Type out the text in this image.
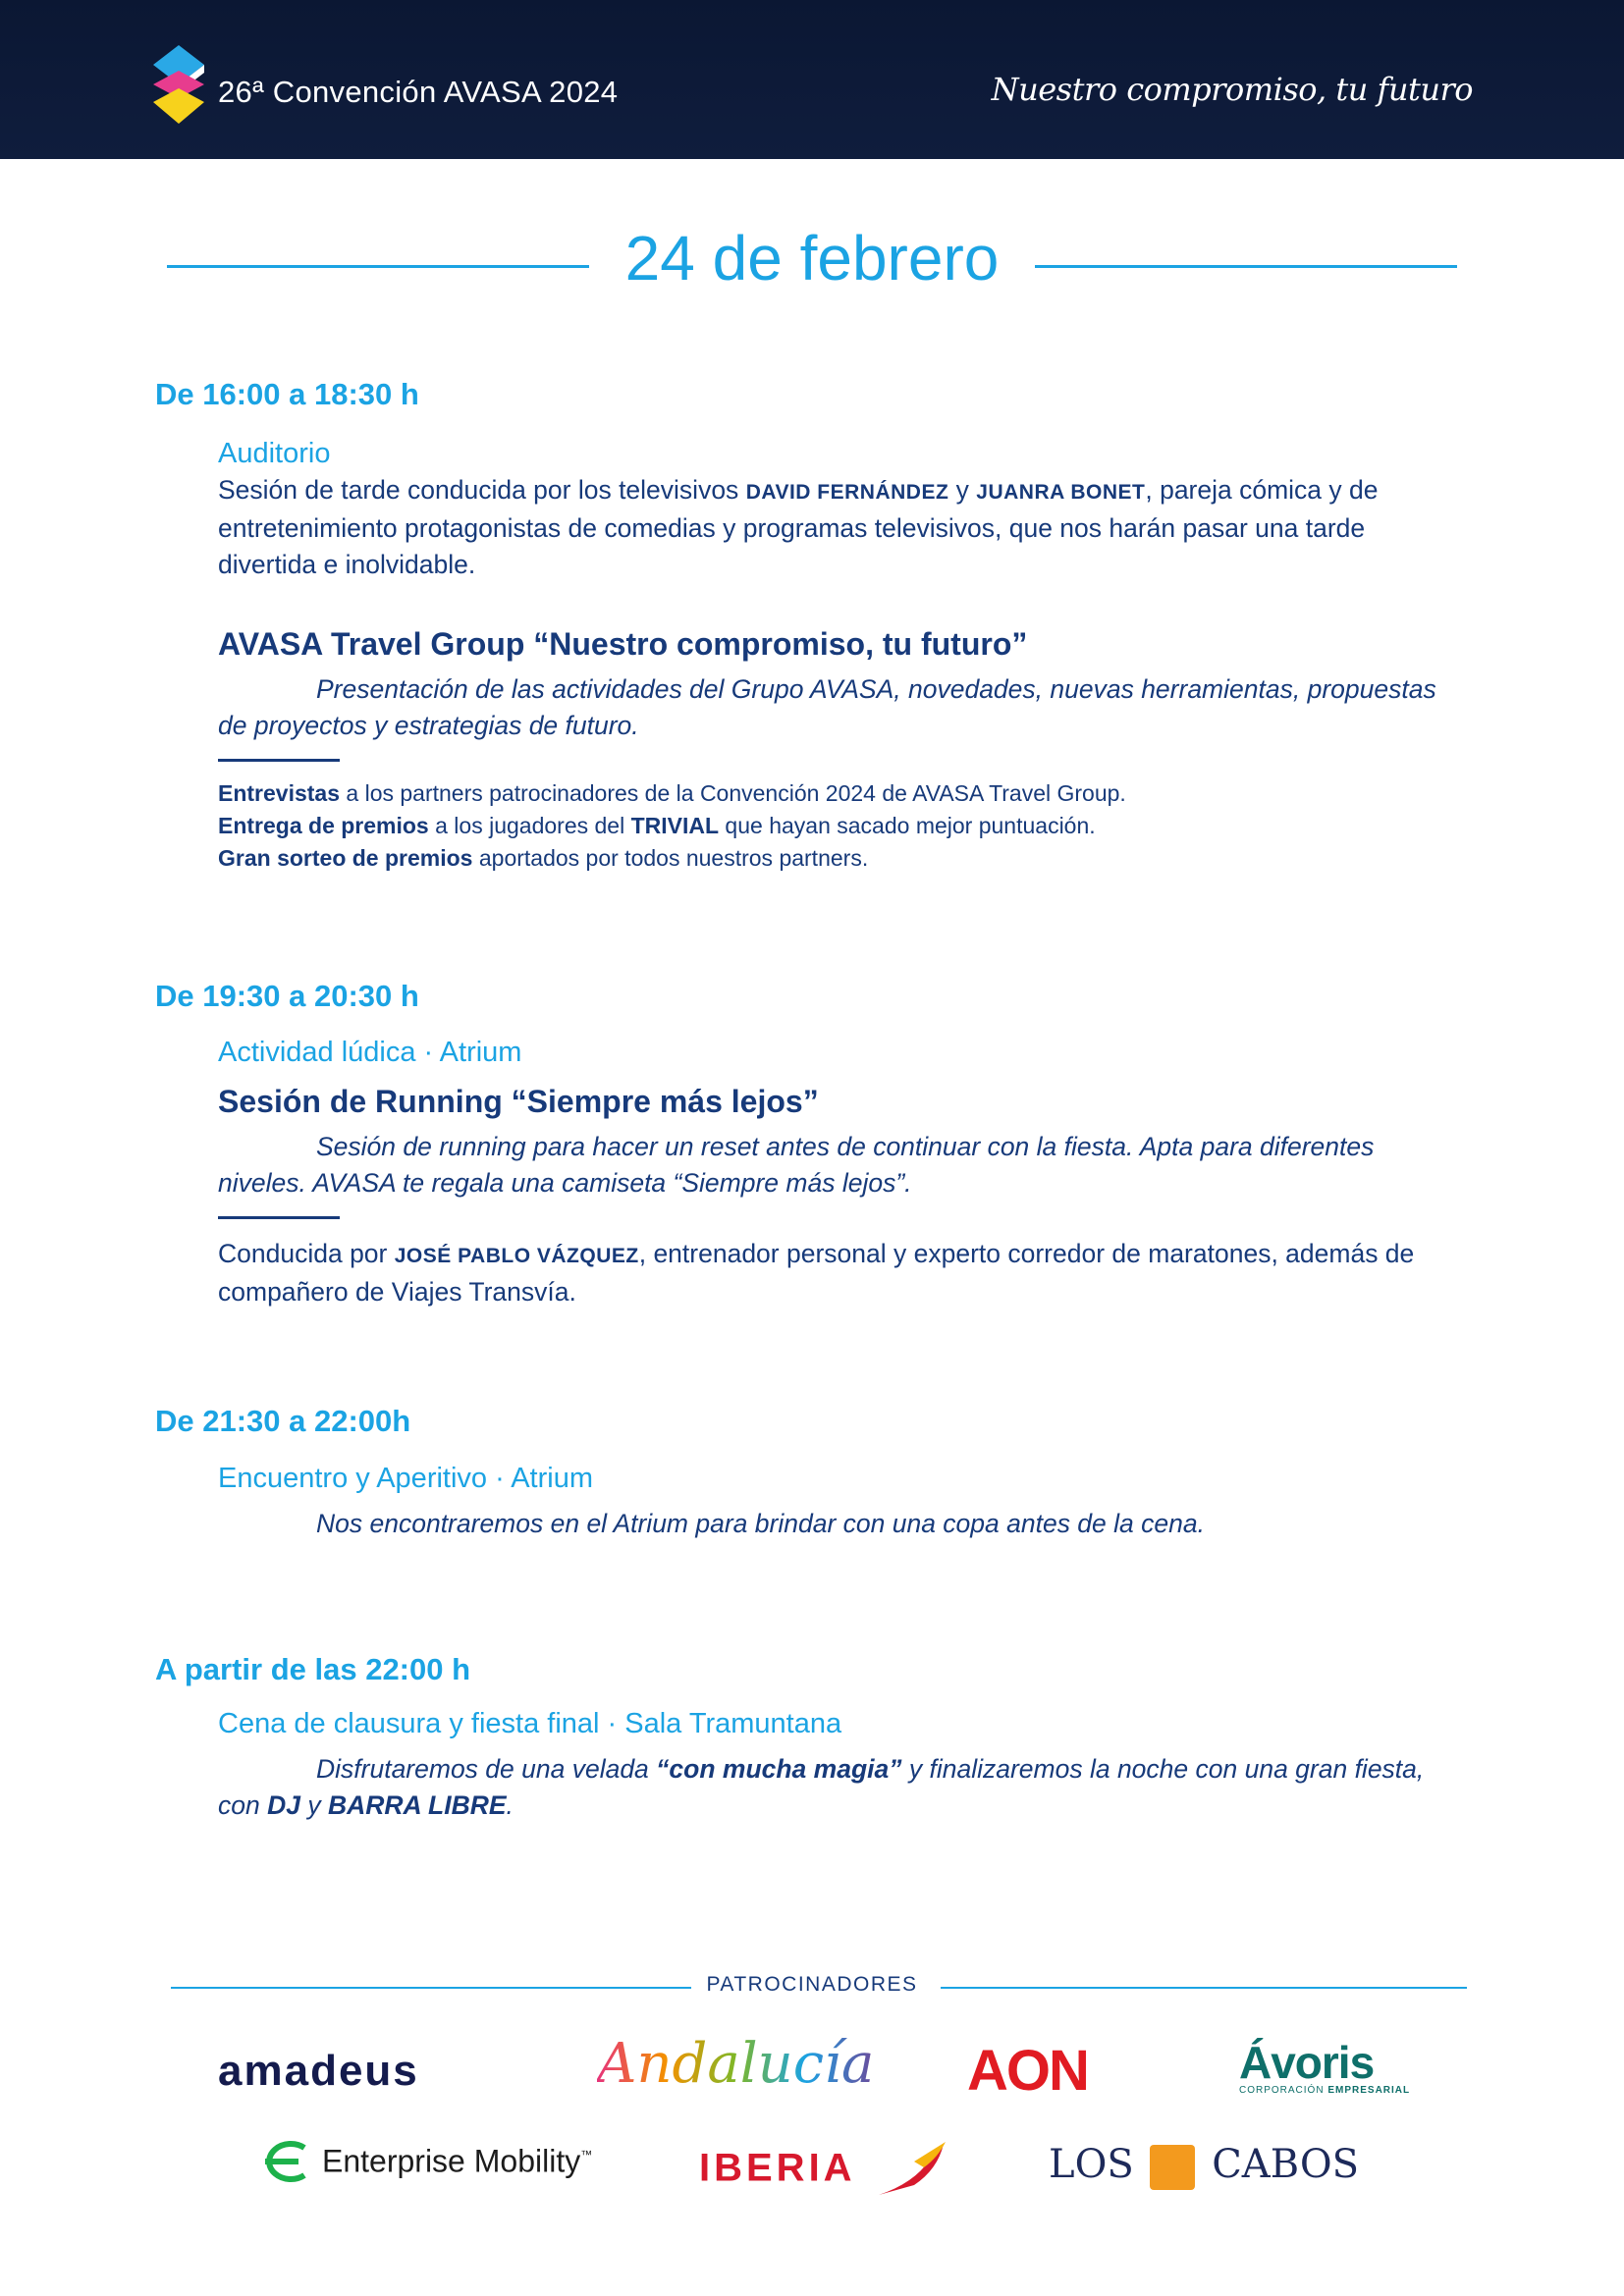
26ª Convención AVASA 2024	Nuestro compromiso, tu futuro
24 de febrero
De 16:00 a 18:30 h
Auditorio
Sesión de tarde conducida por los televisivos DAVID FERNÁNDEZ y JUANRA BONET, pareja cómica y de entretenimiento protagonistas de comedias y programas televisivos, que nos harán pasar una tarde divertida e inolvidable.
AVASA Travel Group “Nuestro compromiso, tu futuro”
Presentación de las actividades del Grupo AVASA, novedades, nuevas herramientas, propuestas de proyectos y estrategias de futuro.
Entrevistas a los partners patrocinadores de la Convención 2024 de AVASA Travel Group.
Entrega de premios a los jugadores del TRIVIAL que hayan sacado mejor puntuación.
Gran sorteo de premios aportados por todos nuestros partners.
De 19:30 a 20:30 h
Actividad lúdica · Atrium
Sesión de Running “Siempre más lejos”
Sesión de running para hacer un reset antes de continuar con la fiesta. Apta para diferentes niveles. AVASA te regala una camiseta “Siempre más lejos”.
Conducida por JOSÉ PABLO VÁZQUEZ, entrenador personal y experto corredor de maratones, además de compañero de Viajes Transvía.
De 21:30 a 22:00h
Encuentro y Aperitivo · Atrium
Nos encontraremos en el Atrium para brindar con una copa antes de la cena.
A partir de las 22:00 h
Cena de clausura y fiesta final · Sala Tramuntana
Disfrutaremos de una velada “con mucha magia” y finalizaremos la noche con una gran fiesta, con DJ y BARRA LIBRE.
PATROCINADORES
amadeus	Andalucía AON	Ávoris
CORPORACIÓN EMPRESARIAL
Enterprise Mobility™	IBERIA	LOS CABOS
